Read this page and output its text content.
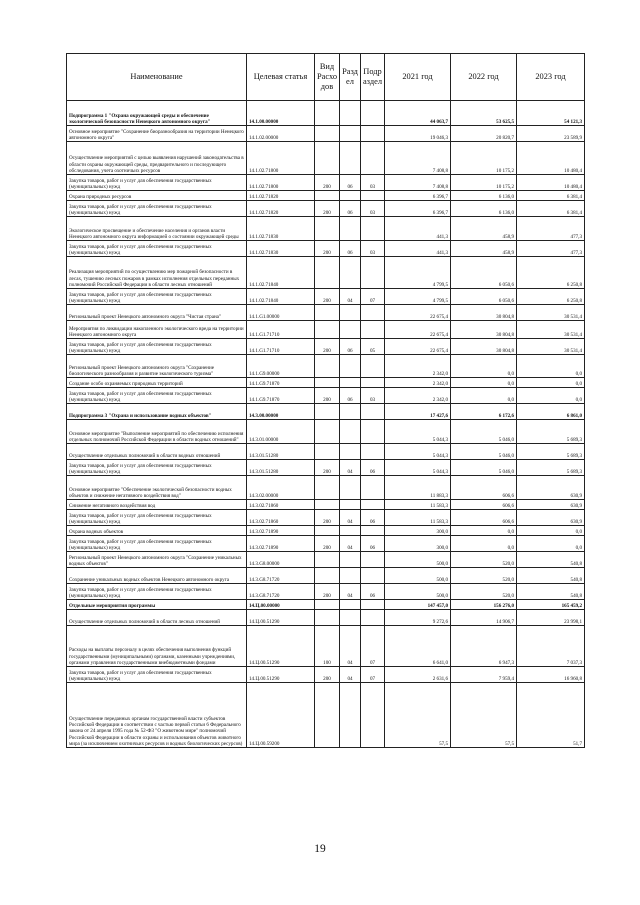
Наименование	Целевая статья	Вид Расхо дов	Разд ел	Подр аздел	2021 год	2022 год	2023 год
Подпрограмма 1 "Охрана окружающей среды и обеспечение экологической безопасности Ненецкого автономного округа"	14.1.00.00000				44 063,7	53 625,5	54 121,3
Основное мероприятие "Сохранение биоразнообразия на территории Ненецкого автономного округа"	14.1.02.00000				19 046,3	20 820,7	23 589,9
Осуществление мероприятий с целью выявления нарушений законодательства в области охраны окружающей среды, предварительного и последующего обследования, учета охотничьих ресурсов	14.1.02.71800				7 408,8	10 175,2	10 480,4
Закупка товаров, работ и услуг для обеспечения государственных (муниципальных) нужд	14.1.02.71800	200	06	03	7 408,8	10 175,2	10 480,4
Охрана природных ресурсов	14.1.02.71820				6 396,7	6 136,0	6 381,4
Закупка товаров, работ и услуг для обеспечения государственных (муниципальных) нужд	14.1.02.71820	200	06	03	6 396,7	6 136,0	6 381,4
Экологическое просвещение и обеспечение населения и органов власти Ненецкого автономного округа информацией о состоянии окружающей среды	14.1.02.71830				441,3	458,9	477,3
Закупка товаров, работ и услуг для обеспечения государственных (муниципальных) нужд	14.1.02.71830	200	06	03	441,3	458,9	477,3
Реализация мероприятий по осуществлению мер пожарной безопасности в лесах, тушению лесных пожаров в рамках исполнения отдельных переданных полномочий Российской Федерации в области лесных отношений	14.1.02.71840				4 799,5	6 050,6	6 250,8
Закупка товаров, работ и услуг для обеспечения государственных (муниципальных) нужд	14.1.02.71840	200	04	07	4 799,5	6 050,6	6 250,8
Региональный проект Ненецкого автономного округа "Чистая страна"	14.1.G1.00000				22 675,4	30 804,8	30 531,4
Мероприятия по ликвидации накопленного экологического вреда на территории Ненецкого автономного округа	14.1.G1.71710				22 675,4	30 804,8	30 531,4
Закупка товаров, работ и услуг для обеспечения государственных (муниципальных) нужд	14.1.G1.71710	200	06	05	22 675,4	30 804,8	30 531,4
Региональный проект Ненецкого автономного округа "Сохранение биологического разнообразия и развитие экологического туризма"	14.1.G9.00000				2 342,0	0,0	0,0
Создание особо охраняемых природных территорий	14.1.G9.71870				2 342,0	0,0	0,0
Закупка товаров, работ и услуг для обеспечения государственных (муниципальных) нужд	14.1.G9.71870	200	06	03	2 342,0	0,0	0,0
Подпрограмма 3 "Охрана и использование водных объектов"	14.3.00.00000				17 427,6	6 172,6	6 861,0
Основное мероприятие "Выполнение мероприятий по обеспечению исполнения отдельных полномочий Российской Федерации в области водных отношений"	14.3.01.00000				5 044,3	5 046,0	5 689,3
Осуществление отдельных полномочий в области водных отношений	14.3.01.51280				5 044,3	5 046,0	5 689,3
Закупка товаров, работ и услуг для обеспечения государственных (муниципальных) нужд	14.3.01.51280	200	04	06	5 044,3	5 046,0	5 689,3
Основное мероприятие "Обеспечение экологической безопасности водных объектов и снижение негативного воздействия вод"	14.3.02.00000				11 883,3	606,6	630,9
Снижение негативного воздействия вод	14.3.02.71860				11 583,3	606,6	630,9
Закупка товаров, работ и услуг для обеспечения государственных (муниципальных) нужд	14.3.02.71860	200	04	06	11 583,3	606,6	630,9
Охрана водных объектов	14.3.02.71890				300,0	0,0	0,0
Закупка товаров, работ и услуг для обеспечения государственных (муниципальных) нужд	14.3.02.71890	200	04	06	300,0	0,0	0,0
Региональный проект Ненецкого автономного округа "Сохранение уникальных водных объектов"	14.3.G8.00000				500,0	520,0	540,8
Сохранение уникальных водных объектов Ненецкого автономного округа	14.3.G8.71720				500,0	520,0	540,8
Закупка товаров, работ и услуг для обеспечения государственных (муниципальных) нужд	14.3.G8.71720	200	04	06	500,0	520,0	540,8
Отдельные мероприятия программы	14.Ц.00.00000				147 457,0	156 276,0	165 459,2
Осуществление отдельных полномочий в области лесных отношений	14.Ц.00.51290				9 272,6	14 906,7	23 998,1
Расходы на выплаты персоналу в целях обеспечения выполнения функций государственными (муниципальными) органами, казенными учреждениями, органами управления государственными внебюджетными фондами	14.Ц.00.51290	100	04	07	6 641,0	6 947,3	7 037,3
Закупка товаров, работ и услуг для обеспечения государственных (муниципальных) нужд	14.Ц.00.51290	200	04	07	2 631,6	7 959,4	16 960,8
Осуществление переданных органам государственной власти субъектов Российской Федерации в соответствии с частью первой статьи 6 Федерального закона от 24 апреля 1995 года № 52-ФЗ "О животном мире" полномочий Российской Федерации в области охраны и использования объектов животного мира (за исключением охотничьих ресурсов и водных биологических ресурсов)	14.Ц.00.59200				57,5	57,5	51,7
19
